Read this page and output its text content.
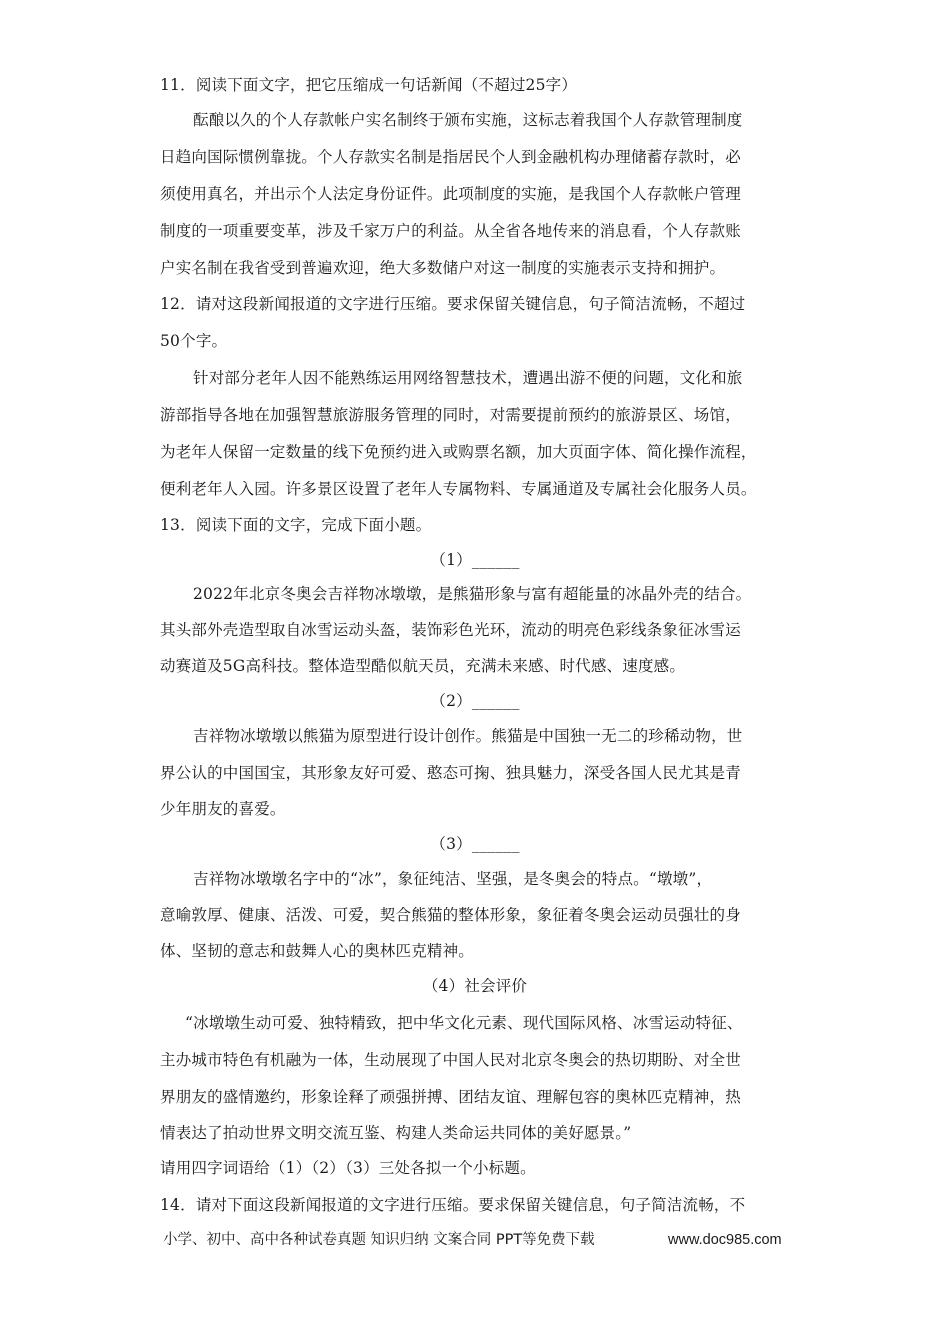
11．阅读下面文字，把它压缩成一句话新闻（不超过25字）
酝酿以久的个人存款帐户实名制终于颁布实施，这标志着我国个人存款管理制度
日趋向国际惯例靠拢。个人存款实名制是指居民个人到金融机构办理储蓄存款时，必
须使用真名，并出示个人法定身份证件。此项制度的实施，是我国个人存款帐户管理
制度的一项重要变革，涉及千家万户的利益。从全省各地传来的消息看，个人存款账
户实名制在我省受到普遍欢迎，绝大多数储户对这一制度的实施表示支持和拥护。
12．请对这段新闻报道的文字进行压缩。要求保留关键信息，句子简洁流畅，不超过
50个字。
针对部分老年人因不能熟练运用网络智慧技术，遭遇出游不便的问题，文化和旅
游部指导各地在加强智慧旅游服务管理的同时，对需要提前预约的旅游景区、场馆，
为老年人保留一定数量的线下免预约进入或购票名额，加大页面字体、简化操作流程，
便利老年人入园。许多景区设置了老年人专属物料、专属通道及专属社会化服务人员。
13．阅读下面的文字，完成下面小题。
（1）______
2022年北京冬奥会吉祥物冰墩墩，是熊猫形象与富有超能量的冰晶外壳的结合。
其头部外壳造型取自冰雪运动头盔，装饰彩色光环，流动的明亮色彩线条象征冰雪运
动赛道及5G高科技。整体造型酷似航天员，充满未来感、时代感、速度感。
（2）______
吉祥物冰墩墩以熊猫为原型进行设计创作。熊猫是中国独一无二的珍稀动物，世
界公认的中国国宝，其形象友好可爱、憨态可掬、独具魅力，深受各国人民尤其是青
少年朋友的喜爱。
（3）______
吉祥物冰墩墩名字中的“冰”，象征纯洁、坚强，是冬奥会的特点。“墩墩”，
意喻敦厚、健康、活泼、可爱，契合熊猫的整体形象，象征着冬奥会运动员强壮的身
体、坚韧的意志和鼓舞人心的奥林匹克精神。
（4）社会评价
“冰墩墩生动可爱、独特精致，把中华文化元素、现代国际风格、冰雪运动特征、
主办城市特色有机融为一体，生动展现了中国人民对北京冬奥会的热切期盼、对全世
界朋友的盛情邀约，形象诠释了顽强拼搏、团结友谊、理解包容的奥林匹克精神，热
情表达了拍动世界文明交流互鉴、构建人类命运共同体的美好愿景。”
请用四字词语给（1）（2）（3）三处各拟一个小标题。
14．请对下面这段新闻报道的文字进行压缩。要求保留关键信息，句子简洁流畅，不
小学、初中、高中各种试卷真题 知识归纳 文案合同 PPT等免费下载	www.doc985.com
